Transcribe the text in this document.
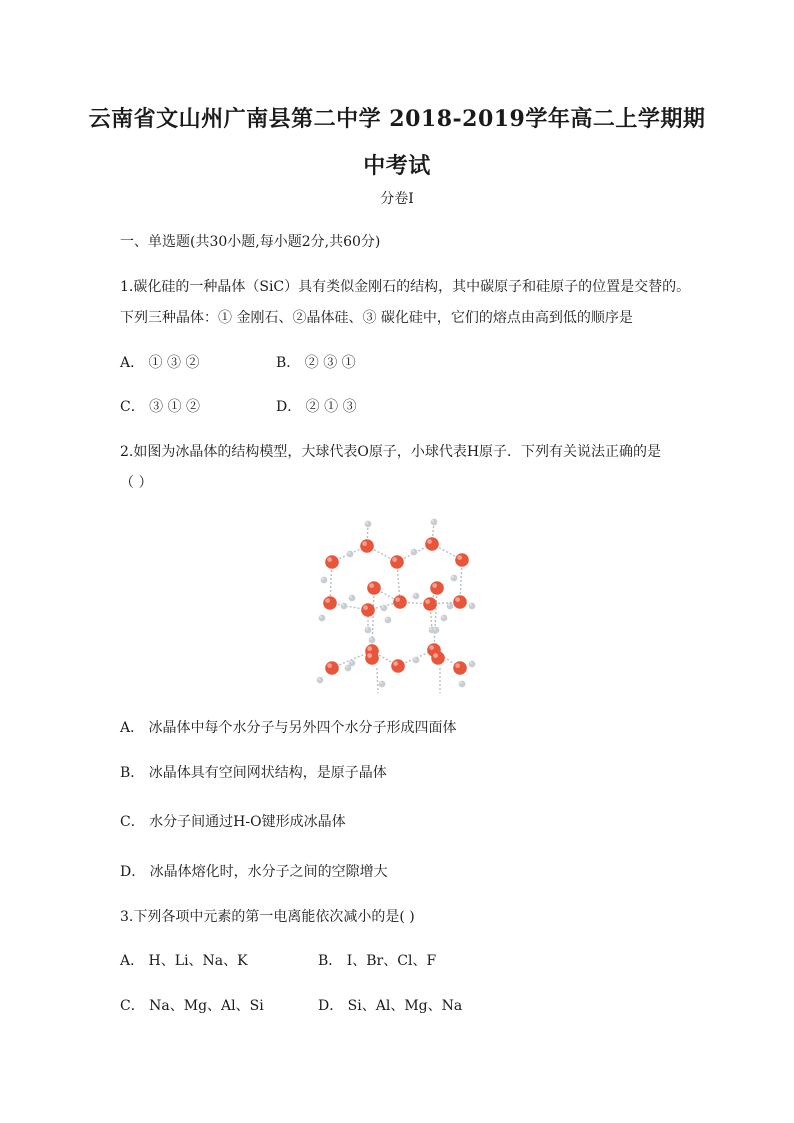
云南省文山州广南县第二中学 2018-2019学年高二上学期期
中考试
分卷I
一、单选题(共30小题,每小题2分,共60分)
1.碳化硅的一种晶体（SiC）具有类似金刚石的结构，其中碳原子和硅原子的位置是交替的。
下列三种晶体：① 金刚石、②晶体硅、③ 碳化硅中，它们的熔点由高到低的顺序是
A． ① ③ ②	B． ② ③ ①
C． ③ ① ②	D． ② ① ③
2.如图为冰晶体的结构模型，大球代表O原子，小球代表H原子．下列有关说法正确的是
（ ）
A． 冰晶体中每个水分子与另外四个水分子形成四面体
B． 冰晶体具有空间网状结构，是原子晶体
C． 水分子间通过H-O键形成冰晶体
D． 冰晶体熔化时，水分子之间的空隙增大
3.下列各项中元素的第一电离能依次减小的是( )
A． H、Li、Na、K	B． I、Br、Cl、F
C． Na、Mg、Al、Si	D． Si、Al、Mg、Na
